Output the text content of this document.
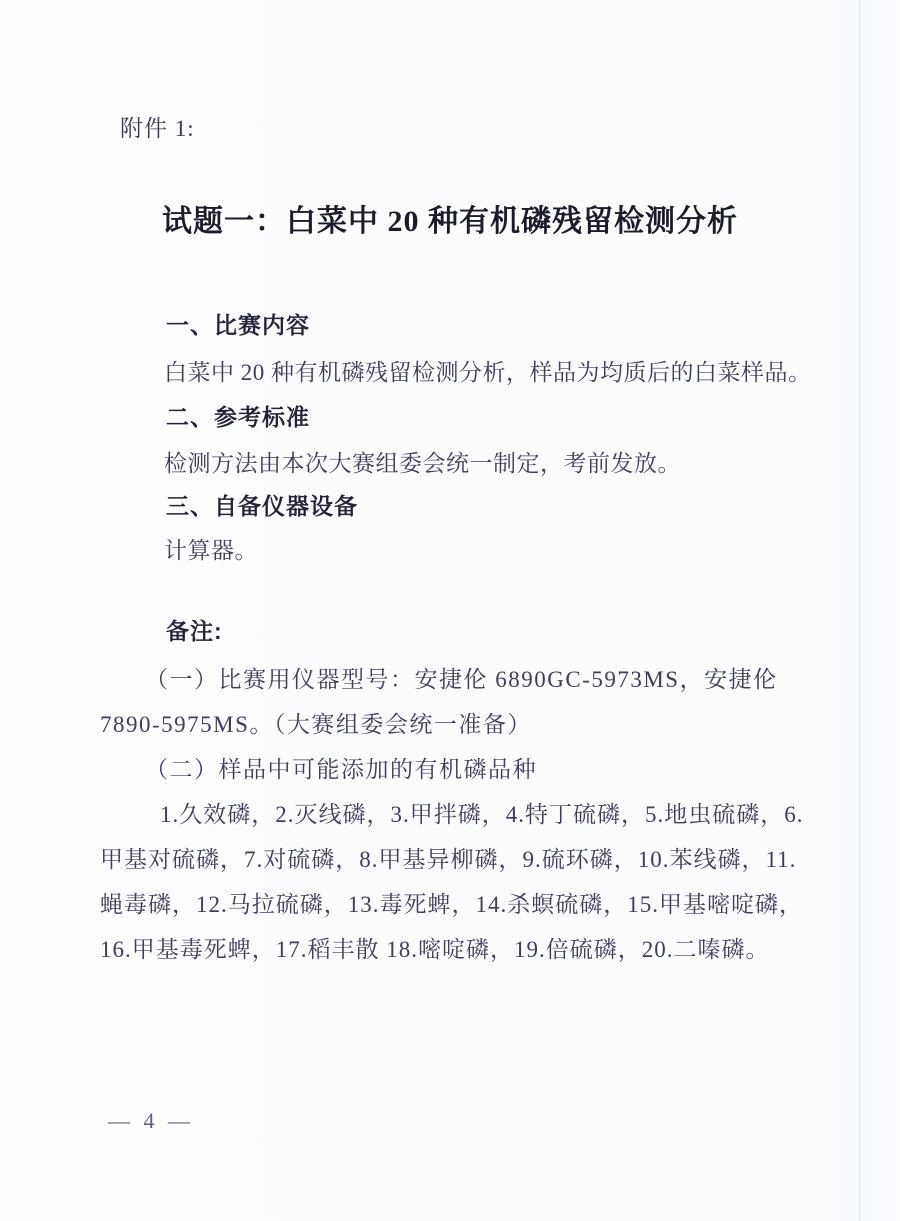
附件 1:
试题一：白菜中 20 种有机磷残留检测分析
一、比赛内容
白菜中 20 种有机磷残留检测分析，样品为均质后的白菜样品。
二、参考标准
检测方法由本次大赛组委会统一制定，考前发放。
三、自备仪器设备
计算器。
备注:
（一）比赛用仪器型号：安捷伦 6890GC-5973MS，安捷伦
7890-5975MS。（大赛组委会统一准备）
（二）样品中可能添加的有机磷品种
1.久效磷，2.灭线磷，3.甲拌磷，4.特丁硫磷，5.地虫硫磷，6.
甲基对硫磷，7.对硫磷，8.甲基异柳磷，9.硫环磷，10.苯线磷，11.
蝇毒磷，12.马拉硫磷，13.毒死蜱，14.杀螟硫磷，15.甲基嘧啶磷，
16.甲基毒死蜱，17.稻丰散 18.嘧啶磷，19.倍硫磷，20.二嗪磷。
— 4 —
